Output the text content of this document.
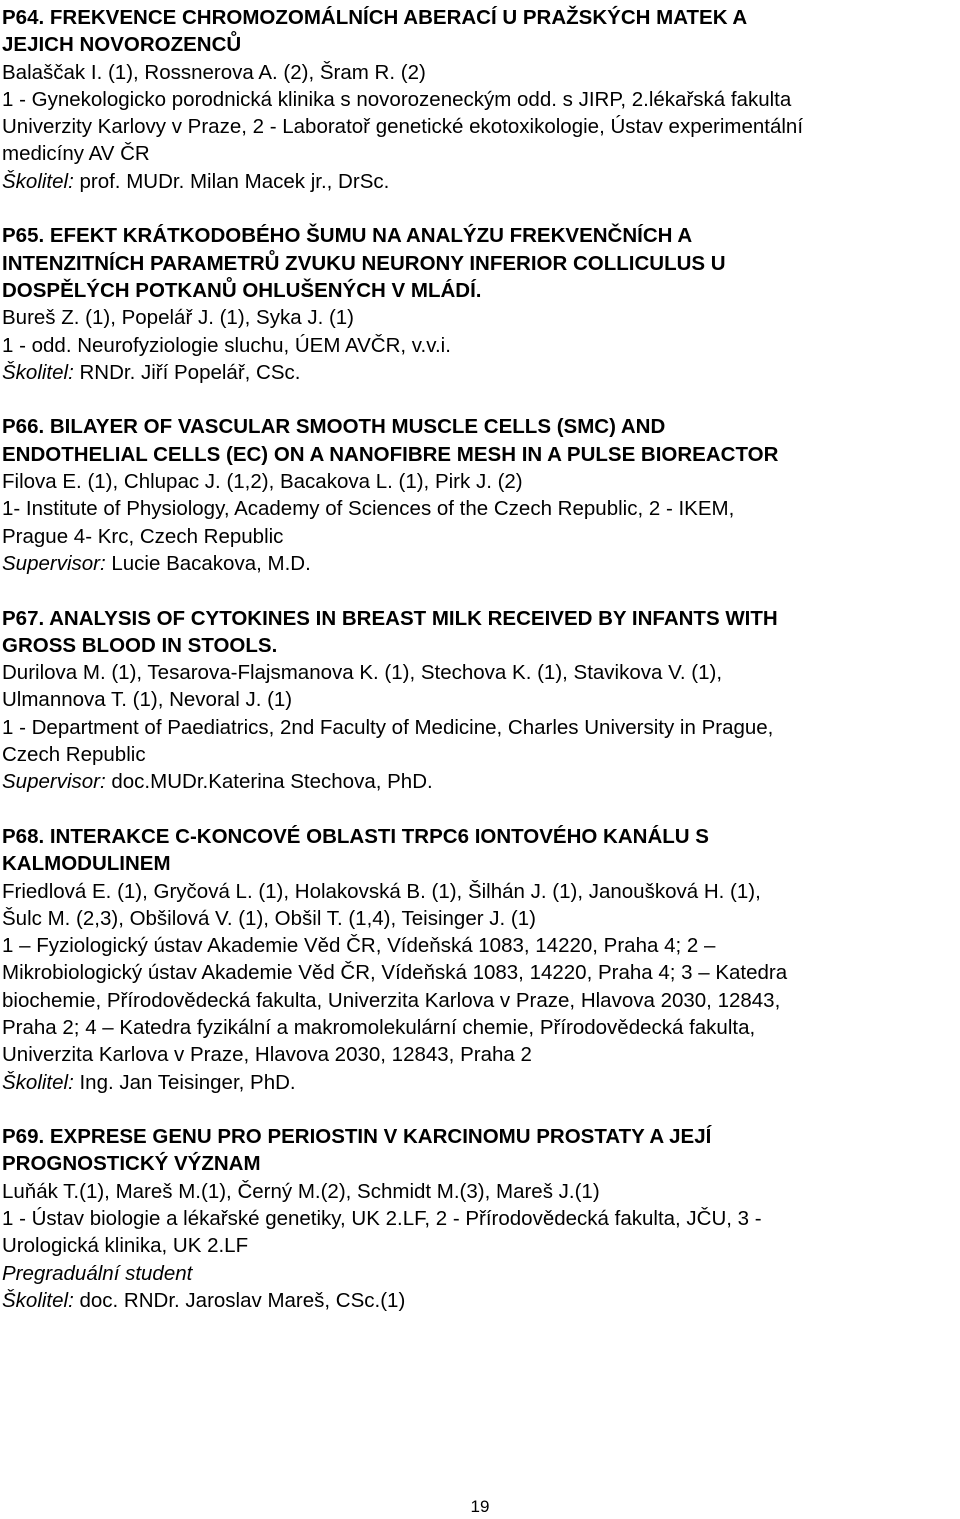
P64. FREKVENCE CHROMOZOMÁLNÍCH ABERACÍ U PRAŽSKÝCH MATEK A
JEJICH NOVOROZENCŮ
Balaščak I. (1), Rossnerova A. (2), Šram R. (2)
1 - Gynekologicko porodnická klinika s novorozeneckým odd. s JIRP, 2.lékařská fakulta
Univerzity Karlovy v Praze, 2 - Laboratoř genetické ekotoxikologie, Ústav experimentální
medicíny AV ČR
Školitel: prof. MUDr. Milan Macek jr., DrSc.
P65. EFEKT KRÁTKODOBÉHO ŠUMU NA ANALÝZU FREKVENČNÍCH A
INTENZITNÍCH PARAMETRŮ ZVUKU NEURONY INFERIOR COLLICULUS U
DOSPĚLÝCH POTKANŮ OHLUŠENÝCH V MLÁDÍ.
Bureš Z. (1), Popelář J. (1), Syka J. (1)
1 - odd. Neurofyziologie sluchu, ÚEM AVČR, v.v.i.
Školitel: RNDr. Jiří Popelář, CSc.
P66. BILAYER OF VASCULAR SMOOTH MUSCLE CELLS (SMC) AND
ENDOTHELIAL CELLS (EC) ON A NANOFIBRE MESH IN A PULSE BIOREACTOR
Filova E. (1), Chlupac J. (1,2), Bacakova L. (1), Pirk J. (2)
1- Institute of Physiology, Academy of Sciences of the Czech Republic, 2 - IKEM,
Prague 4- Krc, Czech Republic
Supervisor: Lucie Bacakova, M.D.
P67. ANALYSIS OF CYTOKINES IN BREAST MILK RECEIVED BY INFANTS WITH
GROSS BLOOD IN STOOLS.
Durilova M. (1), Tesarova-Flajsmanova K. (1), Stechova K. (1), Stavikova V. (1),
Ulmannova T. (1), Nevoral J. (1)
1 - Department of Paediatrics, 2nd Faculty of Medicine, Charles University in Prague,
Czech Republic
Supervisor: doc.MUDr.Katerina Stechova, PhD.
P68. INTERAKCE C-KONCOVÉ OBLASTI TRPC6 IONTOVÉHO KANÁLU S
KALMODULINEM
Friedlová E. (1), Gryčová L. (1), Holakovská B. (1), Šilhán J. (1), Janoušková H. (1),
Šulc M. (2,3), Obšilová V. (1), Obšil T. (1,4), Teisinger J. (1)
1 – Fyziologický ústav Akademie Věd ČR, Vídeňská 1083, 14220, Praha 4; 2 –
Mikrobiologický ústav Akademie Věd ČR, Vídeňská 1083, 14220, Praha 4; 3 – Katedra
biochemie, Přírodovědecká fakulta, Univerzita Karlova v Praze, Hlavova 2030, 12843,
Praha 2; 4 – Katedra fyzikální a makromolekulární chemie, Přírodovědecká fakulta,
Univerzita Karlova v Praze, Hlavova 2030, 12843, Praha 2
Školitel: Ing. Jan Teisinger, PhD.
P69. EXPRESE GENU PRO PERIOSTIN V KARCINOMU PROSTATY A JEJÍ
PROGNOSTICKÝ VÝZNAM
Luňák T.(1), Mareš M.(1), Černý M.(2), Schmidt M.(3), Mareš J.(1)
1 - Ústav biologie a lékařské genetiky, UK 2.LF, 2 - Přírodovědecká fakulta, JČU, 3 -
Urologická klinika, UK 2.LF
Pregraduální student
Školitel: doc. RNDr. Jaroslav Mareš, CSc.(1)
19
